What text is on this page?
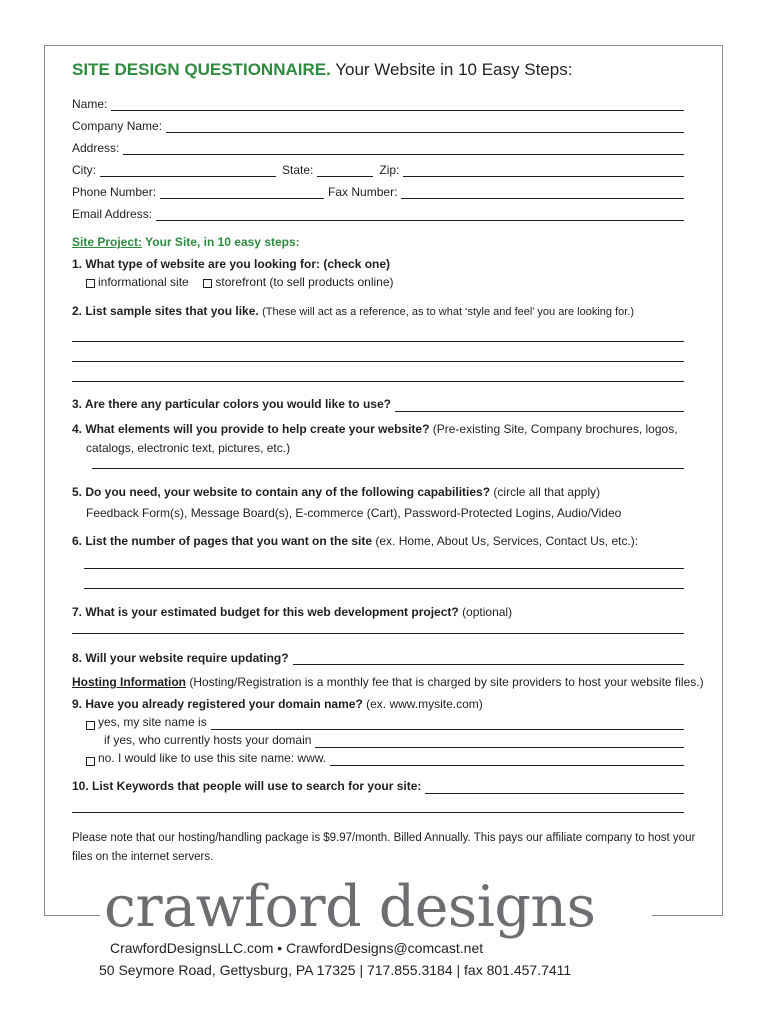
SITE DESIGN QUESTIONNAIRE. Your Website in 10 Easy Steps:
Name:
Company Name:
Address:
City:	State:	Zip:
Phone Number:	Fax Number:
Email Address:
Site Project: Your Site, in 10 easy steps:
1. What type of website are you looking for: (check one)
informational site storefront (to sell products online)
2. List sample sites that you like. (These will act as a reference, as to what ‘style and feel’ you are looking for.)
3. Are there any particular colors you would like to use?
4. What elements will you provide to help create your website? (Pre-existing Site, Company brochures, logos,
catalogs, electronic text, pictures, etc.)
5. Do you need, your website to contain any of the following capabilities? (circle all that apply)
Feedback Form(s), Message Board(s), E-commerce (Cart), Password-Protected Logins, Audio/Video
6. List the number of pages that you want on the site (ex. Home, About Us, Services, Contact Us, etc.):
7. What is your estimated budget for this web development project? (optional)
8. Will your website require updating?
Hosting Information (Hosting/Registration is a monthly fee that is charged by site providers to host your website files.)
9. Have you already registered your domain name? (ex. www.mysite.com)
yes, my site name is
if yes, who currently hosts your domain
no. I would like to use this site name: www.
10. List Keywords that people will use to search for your site:
Please note that our hosting/handling package is $9.97/month. Billed Annually. This pays our affiliate company to host your
files on the internet servers.
crawford designs
CrawfordDesignsLLC.com • CrawfordDesigns@comcast.net
50 Seymore Road, Gettysburg, PA 17325 | 717.855.3184 | fax 801.457.7411
